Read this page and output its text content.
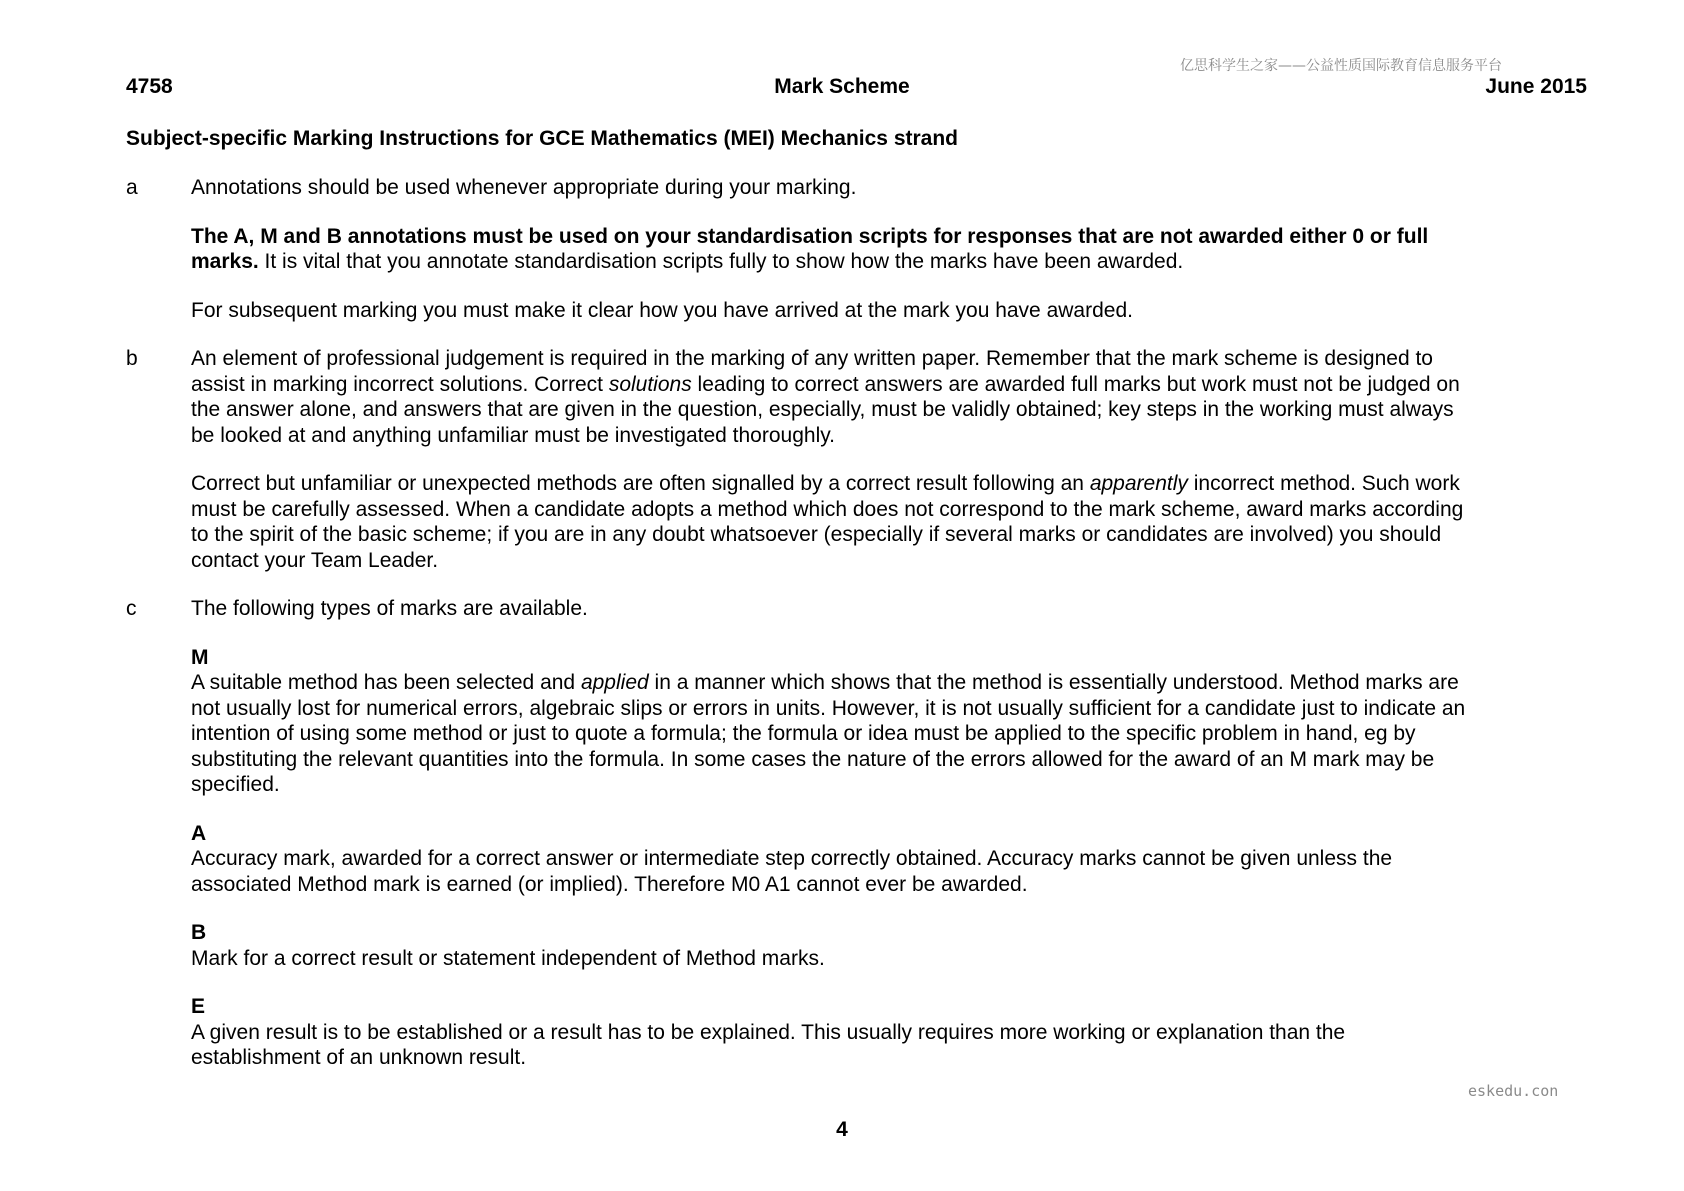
亿思科学生之家——公益性质国际教育信息服务平台
4758	Mark Scheme	June 2015
Subject-specific Marking Instructions for GCE Mathematics (MEI) Mechanics strand
a	Annotations should be used whenever appropriate during your marking.

The A, M and B annotations must be used on your standardisation scripts for responses that are not awarded either 0 or full marks. It is vital that you annotate standardisation scripts fully to show how the marks have been awarded.

For subsequent marking you must make it clear how you have arrived at the mark you have awarded.

b	An element of professional judgement is required in the marking of any written paper. Remember that the mark scheme is designed to assist in marking incorrect solutions. Correct solutions leading to correct answers are awarded full marks but work must not be judged on the answer alone, and answers that are given in the question, especially, must be validly obtained; key steps in the working must always be looked at and anything unfamiliar must be investigated thoroughly.

Correct but unfamiliar or unexpected methods are often signalled by a correct result following an apparently incorrect method. Such work must be carefully assessed. When a candidate adopts a method which does not correspond to the mark scheme, award marks according to the spirit of the basic scheme; if you are in any doubt whatsoever (especially if several marks or candidates are involved) you should contact your Team Leader.

c	The following types of marks are available.

M
A suitable method has been selected and applied in a manner which shows that the method is essentially understood. Method marks are not usually lost for numerical errors, algebraic slips or errors in units. However, it is not usually sufficient for a candidate just to indicate an intention of using some method or just to quote a formula; the formula or idea must be applied to the specific problem in hand, eg by substituting the relevant quantities into the formula. In some cases the nature of the errors allowed for the award of an M mark may be specified.
A
Accuracy mark, awarded for a correct answer or intermediate step correctly obtained. Accuracy marks cannot be given unless the associated Method mark is earned (or implied). Therefore M0 A1 cannot ever be awarded.
B
Mark for a correct result or statement independent of Method marks.
E
A given result is to be established or a result has to be explained. This usually requires more working or explanation than the establishment of an unknown result.
eskedu.con
4
